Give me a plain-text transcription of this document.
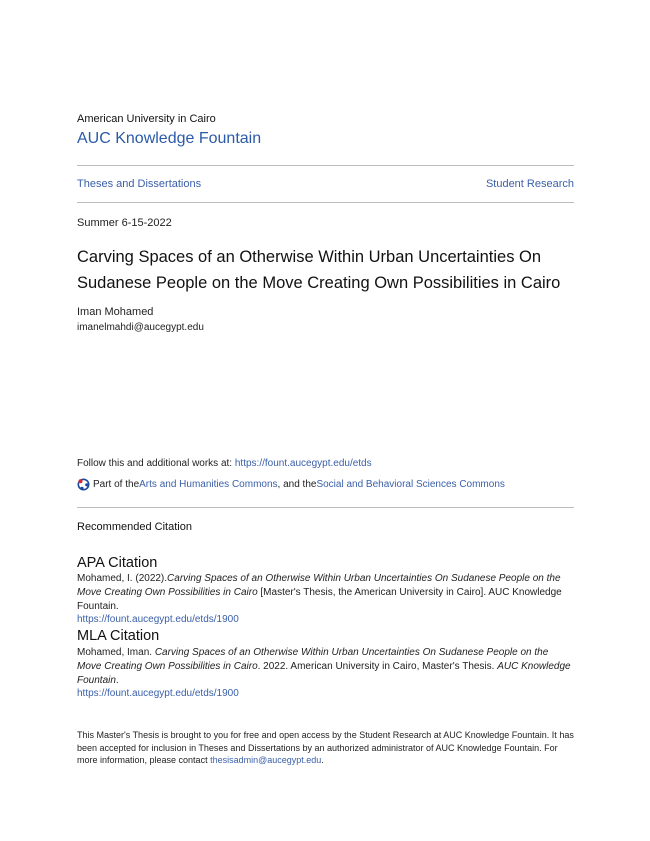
American University in Cairo
AUC Knowledge Fountain
Theses and Dissertations	Student Research
Summer 6-15-2022
Carving Spaces of an Otherwise Within Urban Uncertainties On Sudanese People on the Move Creating Own Possibilities in Cairo
Iman Mohamed
imanelmahdi@aucegypt.edu
Follow this and additional works at: https://fount.aucegypt.edu/etds
Part of the Arts and Humanities Commons , and the Social and Behavioral Sciences Commons
Recommended Citation
APA Citation
Mohamed, I. (2022).Carving Spaces of an Otherwise Within Urban Uncertainties On Sudanese People on the Move Creating Own Possibilities in Cairo [Master's Thesis, the American University in Cairo]. AUC Knowledge Fountain.
https://fount.aucegypt.edu/etds/1900
MLA Citation
Mohamed, Iman. Carving Spaces of an Otherwise Within Urban Uncertainties On Sudanese People on the Move Creating Own Possibilities in Cairo. 2022. American University in Cairo, Master's Thesis. AUC Knowledge Fountain.
https://fount.aucegypt.edu/etds/1900
This Master's Thesis is brought to you for free and open access by the Student Research at AUC Knowledge Fountain. It has been accepted for inclusion in Theses and Dissertations by an authorized administrator of AUC Knowledge Fountain. For more information, please contact thesisadmin@aucegypt.edu.
